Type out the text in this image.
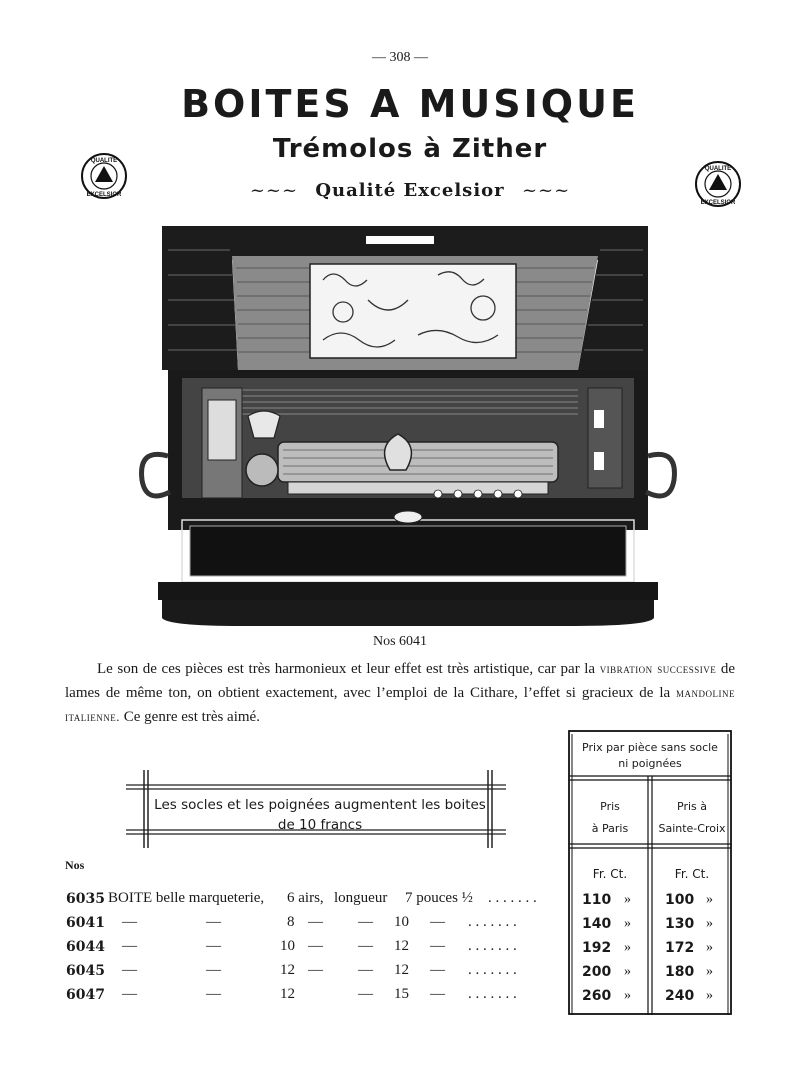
— 308 —
BOITES A MUSIQUE
Trémolos à Zither
~~~ Qualité Excelsior ~~~
QUALITÉ
EXCELSIOR
QUALITÉ
EXCELSIOR
Nos 6041
Le son de ces pièces est très harmonieux et leur effet est très artistique, car par la vibration successive de lames de même ton, on obtient exactement, avec l’emploi de la Cithare, l’effet si gracieux de la mandoline italienne. Ce genre est très aimé.
Les socles et les poignées augmentent les boites
de 10 francs
Prix par pièce sans socle
ni poignées
Pris
à Paris
Pris à
Sainte-Croix
Fr. Ct.	Fr. Ct.
Nos
6035 BOITE belle marqueterie, 6 airs, longueur 7 pouces ½ . . . . . . .	110 » 100 »
6041 —	—	8 — — 10 — . . . . . . .	140 » 130 »
6044 —	—	10 — — 12 — . . . . . . .	192 » 172 »
6045 —	—	12 — — 12 — . . . . . . .	200 » 180 »
6047 —	—	12	— 15 — . . . . . . .	260 » 240 »
